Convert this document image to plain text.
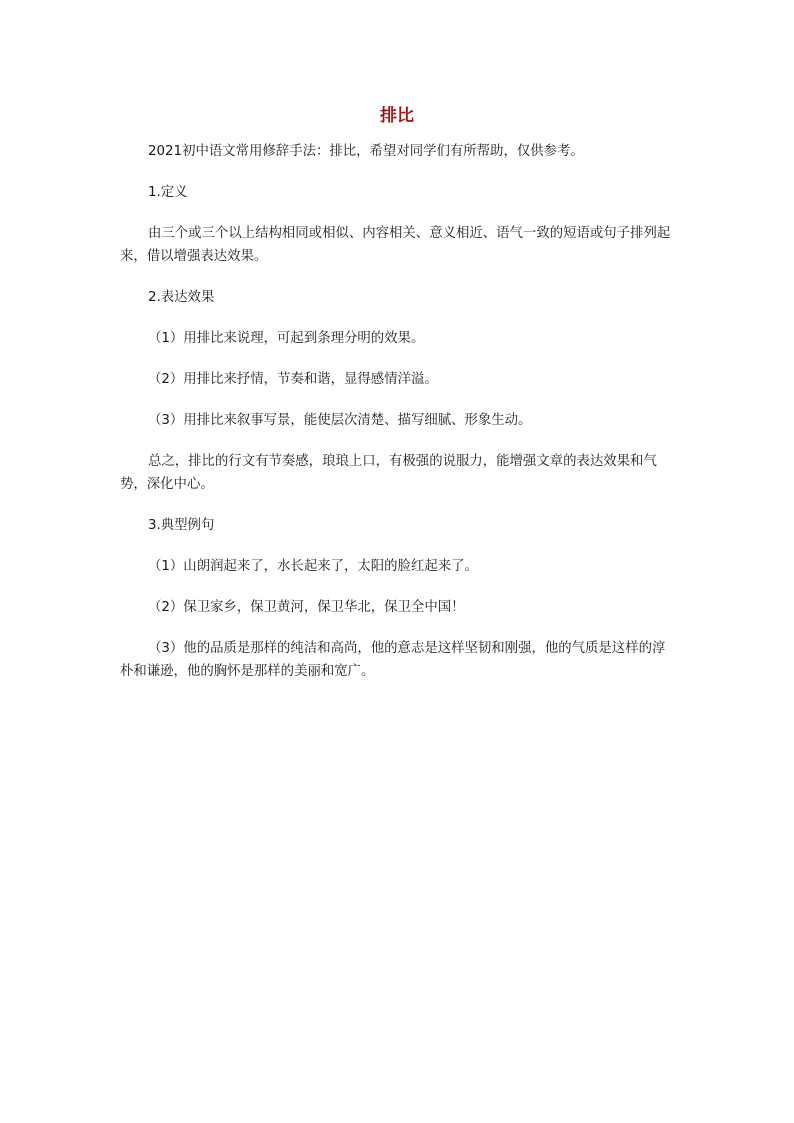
排比

2021初中语文常用修辞手法：排比，希望对同学们有所帮助，仅供参考。

1.定义

由三个或三个以上结构相同或相似、内容相关、意义相近、语气一致的短语或句子排列起来，借以增强表达效果。

2.表达效果

（1）用排比来说理，可起到条理分明的效果。

（2）用排比来抒情，节奏和谐，显得感情洋溢。

（3）用排比来叙事写景，能使层次清楚、描写细腻、形象生动。

总之，排比的行文有节奏感，琅琅上口，有极强的说服力，能增强文章的表达效果和气势，深化中心。

3.典型例句

（1）山朗润起来了，水长起来了，太阳的脸红起来了。

（2）保卫家乡，保卫黄河，保卫华北，保卫全中国！

（3）他的品质是那样的纯洁和高尚，他的意志是这样坚韧和刚强，他的气质是这样的淳朴和谦逊，他的胸怀是那样的美丽和宽广。
